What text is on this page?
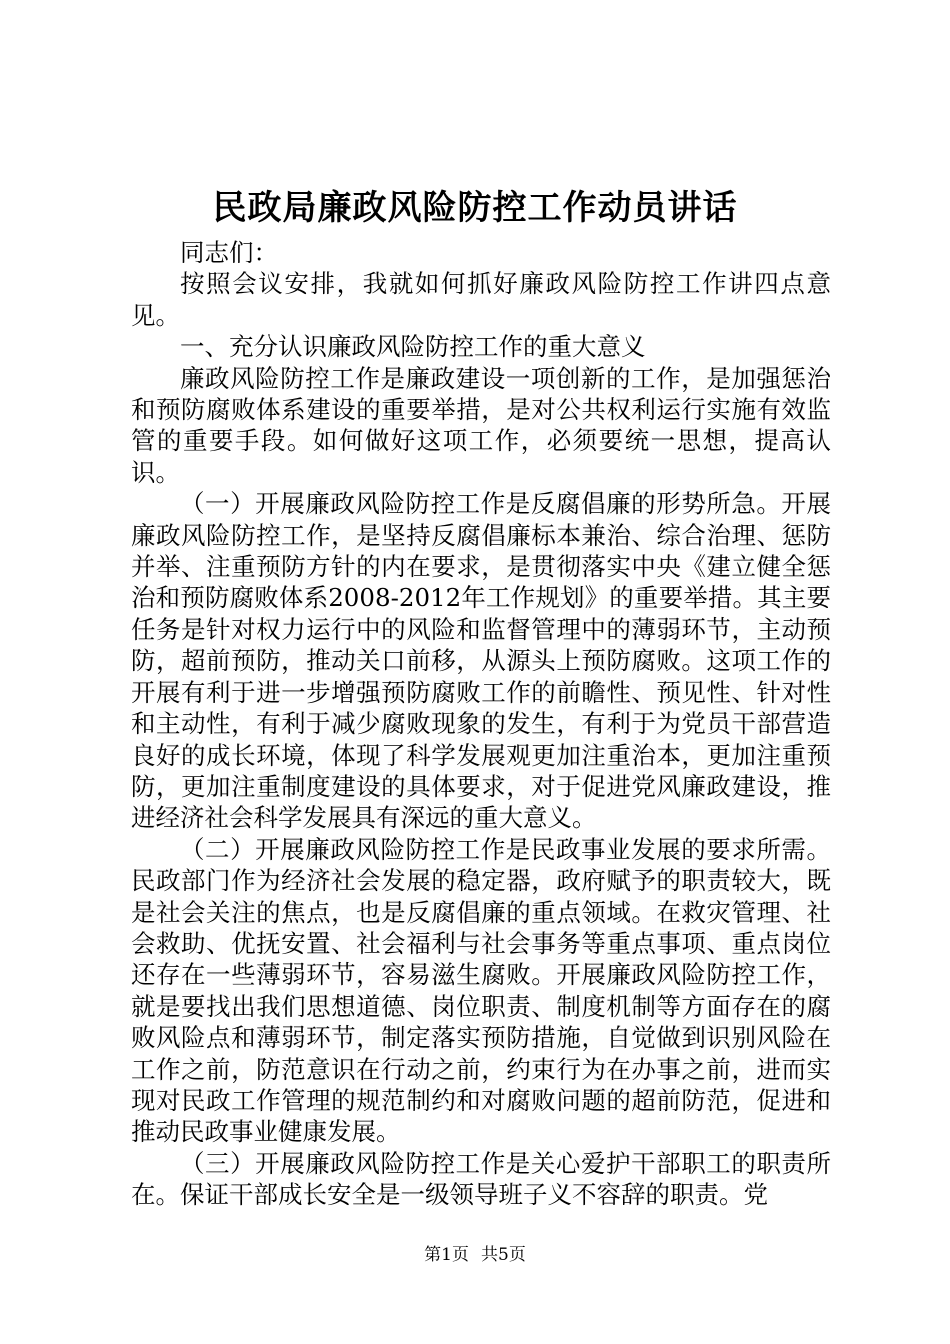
民政局廉政风险防控工作动员讲话

同志们：

按照会议安排，我就如何抓好廉政风险防控工作讲四点意见。

一、充分认识廉政风险防控工作的重大意义

廉政风险防控工作是廉政建设一项创新的工作，是加强惩治和预防腐败体系建设的重要举措，是对公共权利运行实施有效监管的重要手段。如何做好这项工作，必须要统一思想，提高认识。

（一）开展廉政风险防控工作是反腐倡廉的形势所急。开展廉政风险防控工作，是坚持反腐倡廉标本兼治、综合治理、惩防并举、注重预防方针的内在要求，是贯彻落实中央《建立健全惩治和预防腐败体系2008-2012年工作规划》的重要举措。其主要任务是针对权力运行中的风险和监督管理中的薄弱环节，主动预防，超前预防，推动关口前移，从源头上预防腐败。这项工作的开展有利于进一步增强预防腐败工作的前瞻性、预见性、针对性和主动性，有利于减少腐败现象的发生，有利于为党员干部营造良好的成长环境，体现了科学发展观更加注重治本，更加注重预防，更加注重制度建设的具体要求，对于促进党风廉政建设，推进经济社会科学发展具有深远的重大意义。

（二）开展廉政风险防控工作是民政事业发展的要求所需。民政部门作为经济社会发展的稳定器，政府赋予的职责较大，既是社会关注的焦点，也是反腐倡廉的重点领域。在救灾管理、社会救助、优抚安置、社会福利与社会事务等重点事项、重点岗位还存在一些薄弱环节，容易滋生腐败。开展廉政风险防控工作，就是要找出我们思想道德、岗位职责、制度机制等方面存在的腐败风险点和薄弱环节，制定落实预防措施，自觉做到识别风险在工作之前，防范意识在行动之前，约束行为在办事之前，进而实现对民政工作管理的规范制约和对腐败问题的超前防范，促进和推动民政事业健康发展。

（三）开展廉政风险防控工作是关心爱护干部职工的职责所在。保证干部成长安全是一级领导班子义不容辞的职责。党

第1页 共5页
